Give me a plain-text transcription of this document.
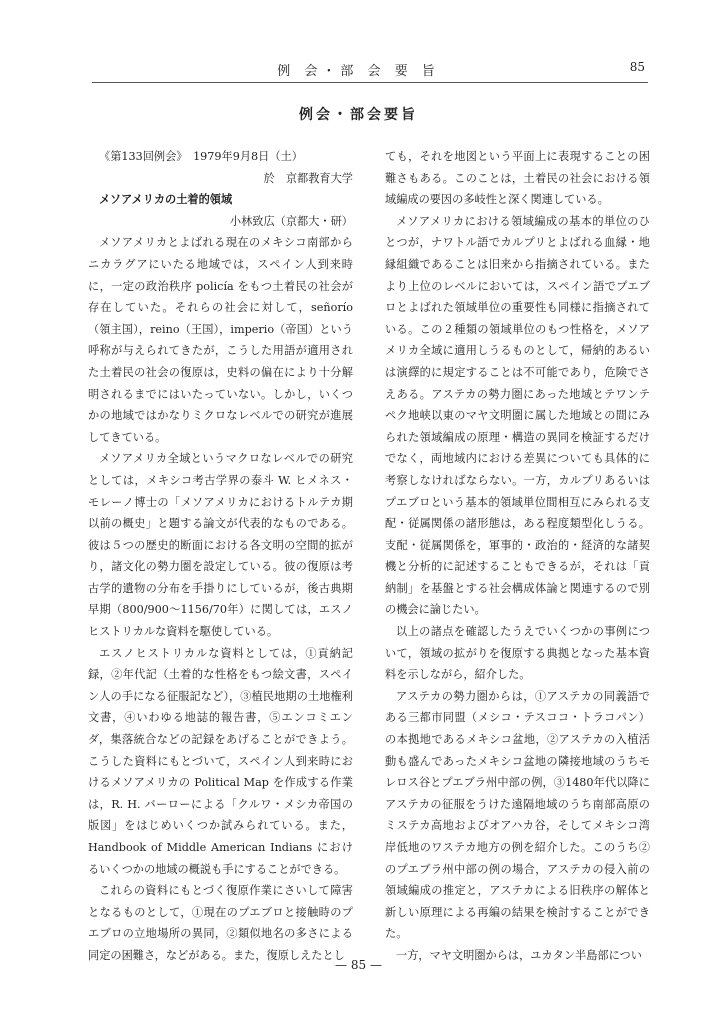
例 会・部 会 要 旨	85
例会・部会要旨

《第133回例会》　1979年9月8日（土）

於　京都教育大学

メソアメリカの土着的領域

小林致広（京都大・研）

メソアメリカとよばれる現在のメキシコ南部からニカラグアにいたる地域では，スペイン人到来時に，一定の政治秩序 policía をもつ土着民の社会が存在していた。それらの社会に対して，señorío（領主国），reino（王国），imperio（帝国）という呼称が与えられてきたが，こうした用語が適用された土着民の社会の復原は，史料の偏在により十分解明されるまでにはいたっていない。しかし，いくつかの地域ではかなりミクロなレベルでの研究が進展してきている。

メソアメリカ全域というマクロなレベルでの研究としては，メキシコ考古学界の泰斗 W. ヒメネス・モレーノ博士の「メソアメリカにおけるトルテカ期以前の概史」と題する論文が代表的なものである。彼は５つの歴史的断面における各文明の空間的拡がり，諸文化の勢力圏を設定している。彼の復原は考古学的遺物の分布を手掛りにしているが，後古典期早期（800/900～1156/70年）に関しては，エスノヒストリカルな資料を駆使している。

エスノヒストリカルな資料としては，①貢納記録，②年代記（土着的な性格をもつ絵文書，スペイン人の手になる征服記など），③植民地期の土地権利文書，④いわゆる地誌的報告書，⑤エンコミエンダ，集落統合などの記録をあげることができよう。こうした資料にもとづいて，スペイン人到来時におけるメソアメリカの Political Map を作成する作業は，R. H. バーローによる「クルワ・メシカ帝国の版図」をはじめいくつか試みられている。また，Handbook of Middle American Indians におけるいくつかの地域の概説も手にすることができる。

これらの資料にもとづく復原作業にさいして障害となるものとして，①現在のプエブロと接触時のプエブロの立地場所の異同，②類似地名の多さによる同定の困難さ，などがある。また，復原しえたとし

ても，それを地図という平面上に表現することの困難さもある。このことは，土着民の社会における領域編成の要因の多岐性と深く関連している。

メソアメリカにおける領域編成の基本的単位のひとつが，ナワトル語でカルプリとよばれる血縁・地縁組織であることは旧来から指摘されている。またより上位のレベルにおいては，スペイン語でプエブロとよばれた領域単位の重要性も同様に指摘されている。この２種類の領域単位のもつ性格を，メソアメリカ全域に適用しうるものとして，帰納的あるいは演繹的に規定することは不可能であり，危険でさえある。アステカの勢力圏にあった地域とテワンテペク地峡以東のマヤ文明圏に属した地域との間にみられた領域編成の原理・構造の異同を検証するだけでなく，両地域内における差異についても具体的に考察しなければならない。一方，カルプリあるいはプエブロという基本的領域単位間相互にみられる支配・従属関係の諸形態は，ある程度類型化しうる。支配・従属関係を，軍事的・政治的・経済的な諸契機と分析的に記述することもできるが，それは「貢納制」を基盤とする社会構成体論と関連するので別の機会に論じたい。

以上の諸点を確認したうえでいくつかの事例について，領域の拡がりを復原する典拠となった基本資料を示しながら，紹介した。

アステカの勢力圏からは，①アステカの同義語である三都市同盟（メシコ・テスココ・トラコパン）の本拠地であるメキシコ盆地，②アステカの入植活動も盛んであったメキシコ盆地の隣接地域のうちモレロス谷とプエブラ州中部の例，③1480年代以降にアステカの征服をうけた遠隔地域のうち南部高原のミステカ高地およびオアハカ谷，そしてメキシコ湾岸低地のワステカ地方の例を紹介した。このうち②のプエブラ州中部の例の場合，アステカの侵入前の領域編成の推定と，アステカによる旧秩序の解体と新しい原理による再編の結果を検討することができた。

一方，マヤ文明圏からは，ユカタン半島部につい

— 85 —
